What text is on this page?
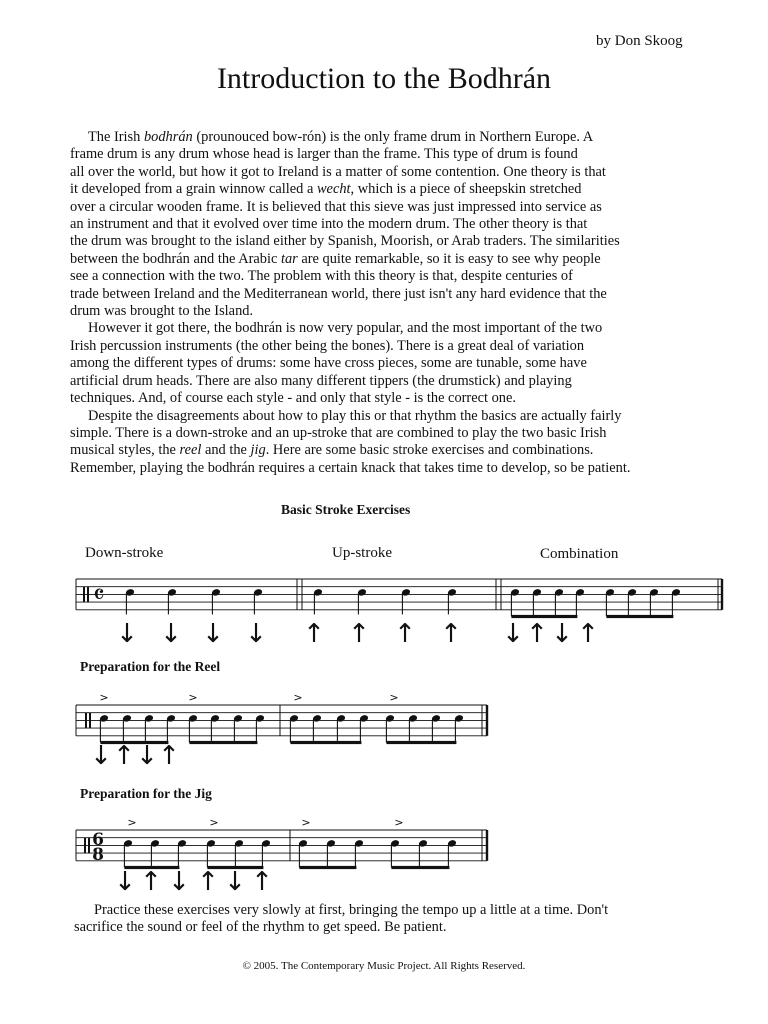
by Don Skoog
Introduction to the Bodhrán

The Irish bodhrán (prounouced bow-rón) is the only frame drum in Northern Europe. A
frame drum is any drum whose head is larger than the frame. This type of drum is found
all over the world, but how it got to Ireland is a matter of some contention. One theory is that
it developed from a grain winnow called a wecht, which is a piece of sheepskin stretched
over a circular wooden frame. It is believed that this sieve was just impressed into service as
an instrument and that it evolved over time into the modern drum. The other theory is that
the drum was brought to the island either by Spanish, Moorish, or Arab traders. The similarities
between the bodhrán and the Arabic tar are quite remarkable, so it is easy to see why people
see a connection with the two. The problem with this theory is that, despite centuries of
trade between Ireland and the Mediterranean world, there just isn't any hard evidence that the
drum was brought to the Island.

However it got there, the bodhrán is now very popular, and the most important of the two
Irish percussion instruments (the other being the bones). There is a great deal of variation
among the different types of drums: some have cross pieces, some are tunable, some have
artificial drum heads. There are also many different tippers (the drumstick) and playing
techniques. And, of course each style - and only that style - is the correct one.

Despite the disagreements about how to play this or that rhythm the basics are actually fairly
simple. There is a down-stroke and an up-stroke that are combined to play the two basic Irish
musical styles, the reel and the jig. Here are some basic stroke exercises and combinations.
Remember, playing the bodhrán requires a certain knack that takes time to develop, so be patient.

Basic Stroke Exercises
Down-stroke	Up-stroke	Combination
𝄴
↓ ↓ ↓ ↓ ↑ ↑ ↑ ↑ ↓ ↑ ↓ ↑
Preparation for the Reel
>	>	>	>
↓ ↑ ↓ ↑
Preparation for the Jig
6
8
>	>	>	>
↓ ↑ ↓ ↑ ↓ ↑
Practice these exercises very slowly at first, bringing the tempo up a little at a time. Don't
sacrifice the sound or feel of the rhythm to get speed. Be patient.
© 2005. The Contemporary Music Project. All Rights Reserved.
